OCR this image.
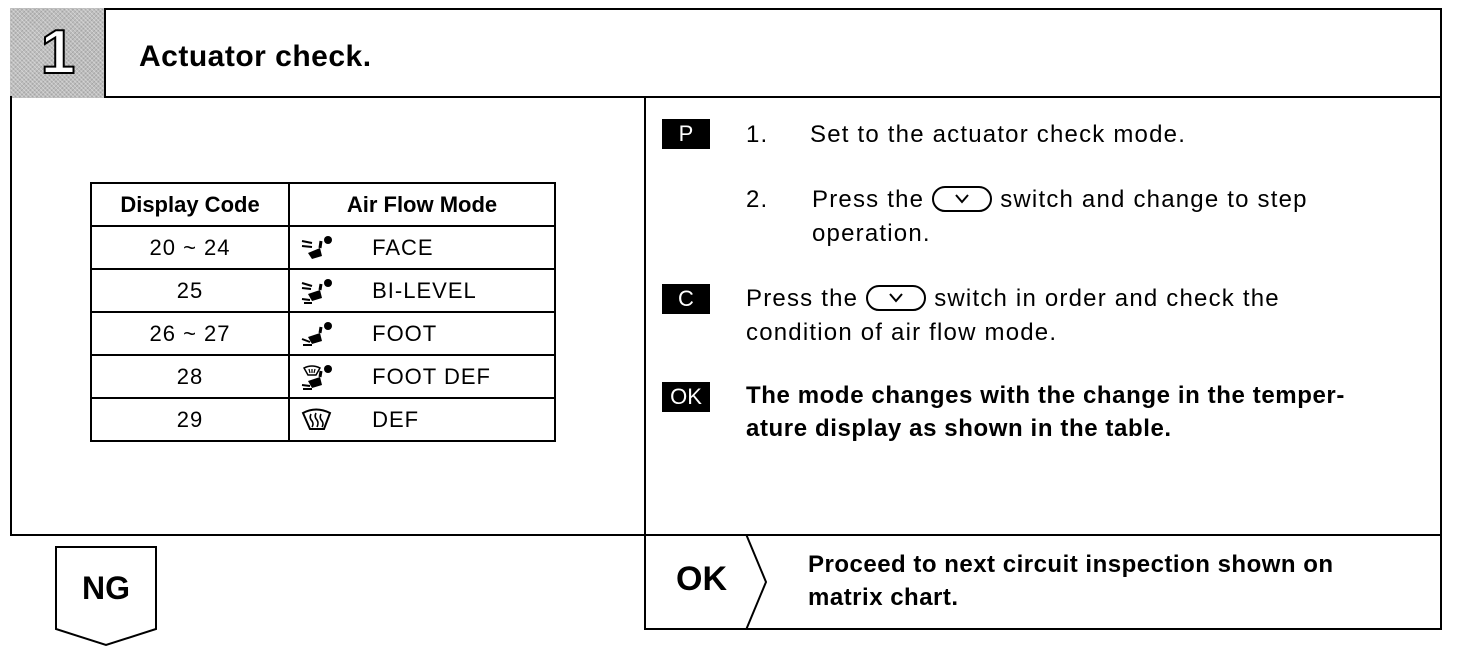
1	Actuator check.
Display Code	Air Flow Mode
20 ~ 24	FACE
25	BI-LEVEL
26 ~ 27	FOOT
28	FOOT DEF
29	DEF
P	1. Set to the actuator check mode.
2. Press the	switch and change to step
operation.
C	Press the	switch in order and check the
condition of air flow mode.
OK	The mode changes with the change in the temper-
ature display as shown in the table.
NG	OK	Proceed to next circuit inspection shown on
matrix chart.
